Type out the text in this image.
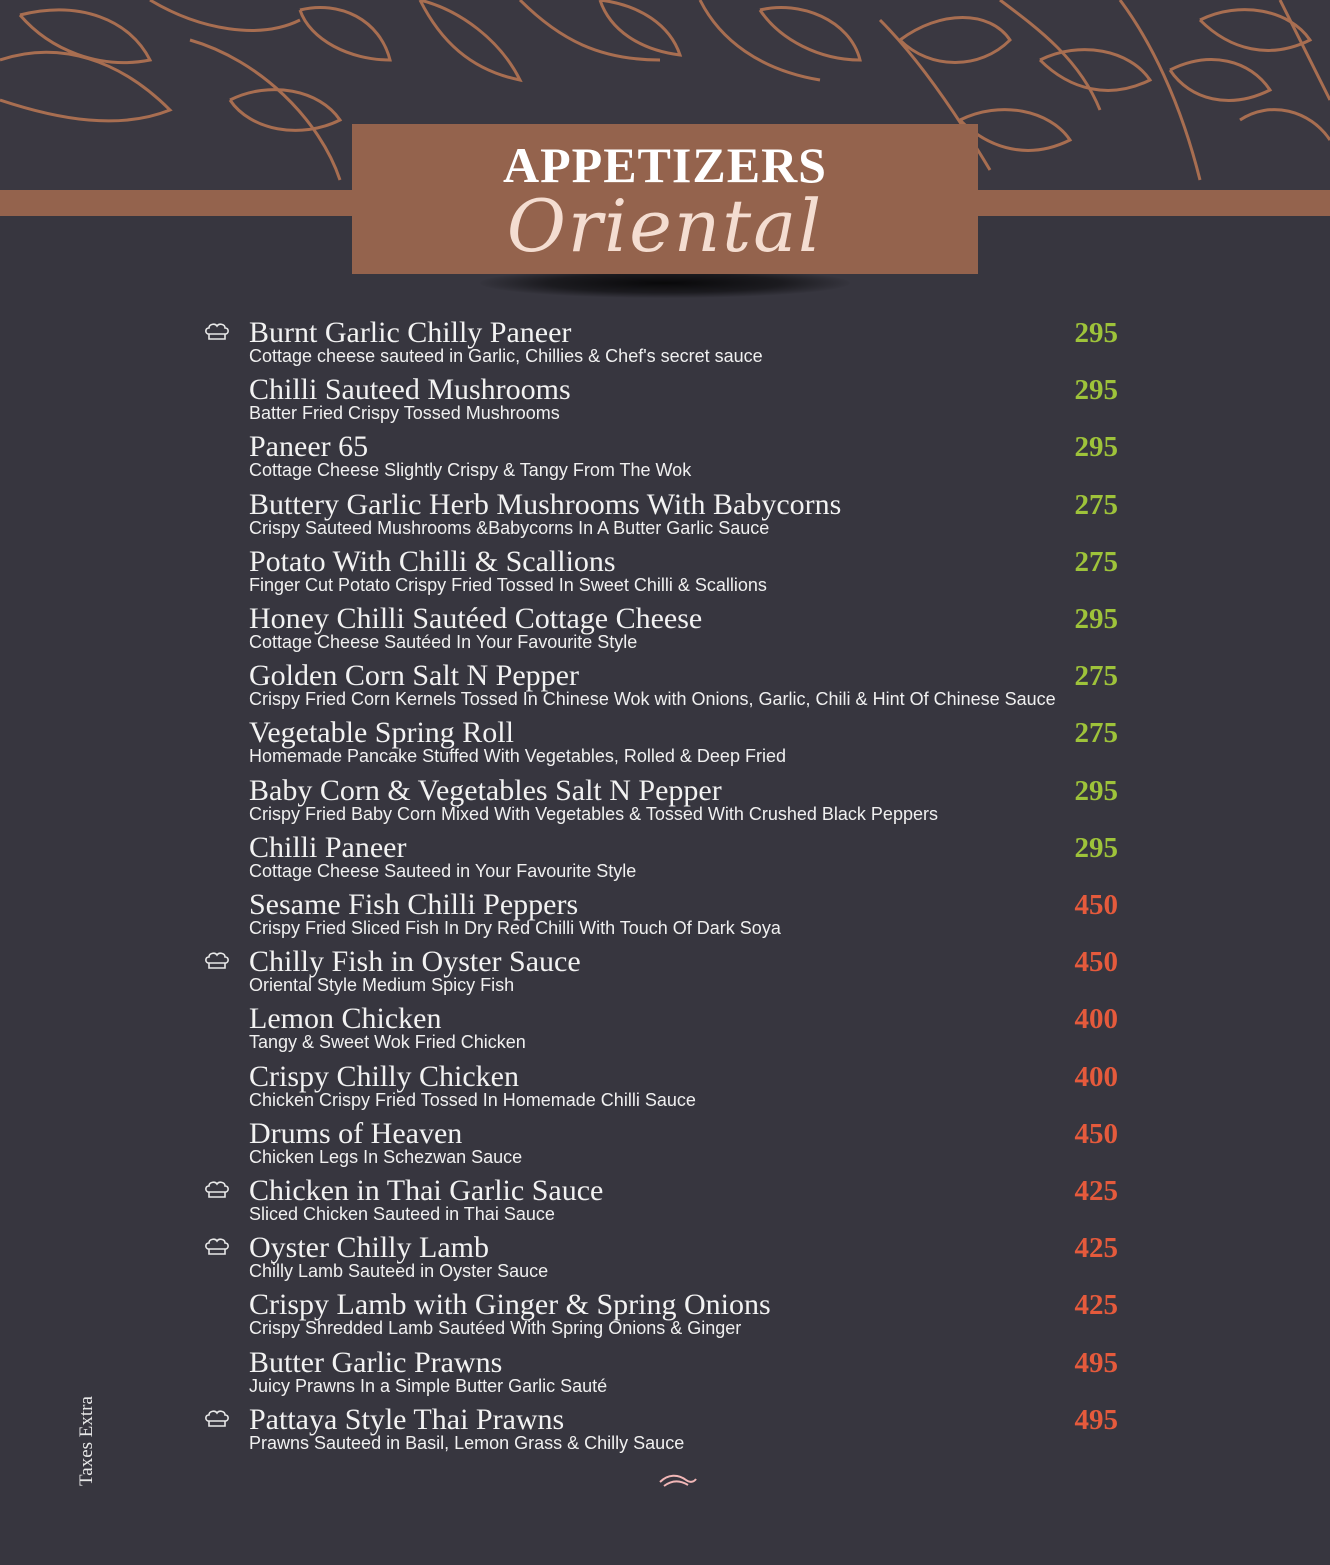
APPETIZERS
Oriental
Burnt Garlic Chilly Paneer
Cottage cheese sauteed in Garlic, Chillies & Chef's secret sauce
295
Chilli Sauteed Mushrooms
Batter Fried Crispy Tossed Mushrooms
295
Paneer 65
Cottage Cheese Slightly Crispy & Tangy From The Wok
295
Buttery Garlic Herb Mushrooms With Babycorns
Crispy Sauteed Mushrooms &Babycorns In A Butter Garlic Sauce
275
Potato With Chilli & Scallions
Finger Cut Potato Crispy Fried Tossed In Sweet Chilli & Scallions
275
Honey Chilli Sautéed Cottage Cheese
Cottage Cheese Sautéed In Your Favourite Style
295
Golden Corn Salt N Pepper
Crispy Fried Corn Kernels Tossed In Chinese Wok with Onions, Garlic, Chili & Hint Of Chinese Sauce
275
Vegetable Spring Roll
Homemade Pancake Stuffed With Vegetables, Rolled & Deep Fried
275
Baby Corn & Vegetables Salt N Pepper
Crispy Fried Baby Corn Mixed With Vegetables & Tossed With Crushed Black Peppers
295
Chilli Paneer
Cottage Cheese Sauteed in Your Favourite Style
295
Sesame Fish Chilli Peppers
Crispy Fried Sliced Fish In Dry Red Chilli With Touch Of Dark Soya
450
Chilly Fish in Oyster Sauce
Oriental Style Medium Spicy Fish
450
Lemon Chicken
Tangy & Sweet Wok Fried Chicken
400
Crispy Chilly Chicken
Chicken Crispy Fried Tossed In Homemade Chilli Sauce
400
Drums of Heaven
Chicken Legs In Schezwan Sauce
450
Chicken in Thai Garlic Sauce
Sliced Chicken Sauteed in Thai Sauce
425
Oyster Chilly Lamb
Chilly Lamb Sauteed in Oyster Sauce
425
Crispy Lamb with Ginger & Spring Onions
Crispy Shredded Lamb Sautéed With Spring Onions & Ginger
425
Butter Garlic Prawns
Juicy Prawns In a Simple Butter Garlic Sauté
495
Pattaya Style Thai Prawns
Prawns Sauteed in Basil, Lemon Grass & Chilly Sauce
495
Taxes Extra
